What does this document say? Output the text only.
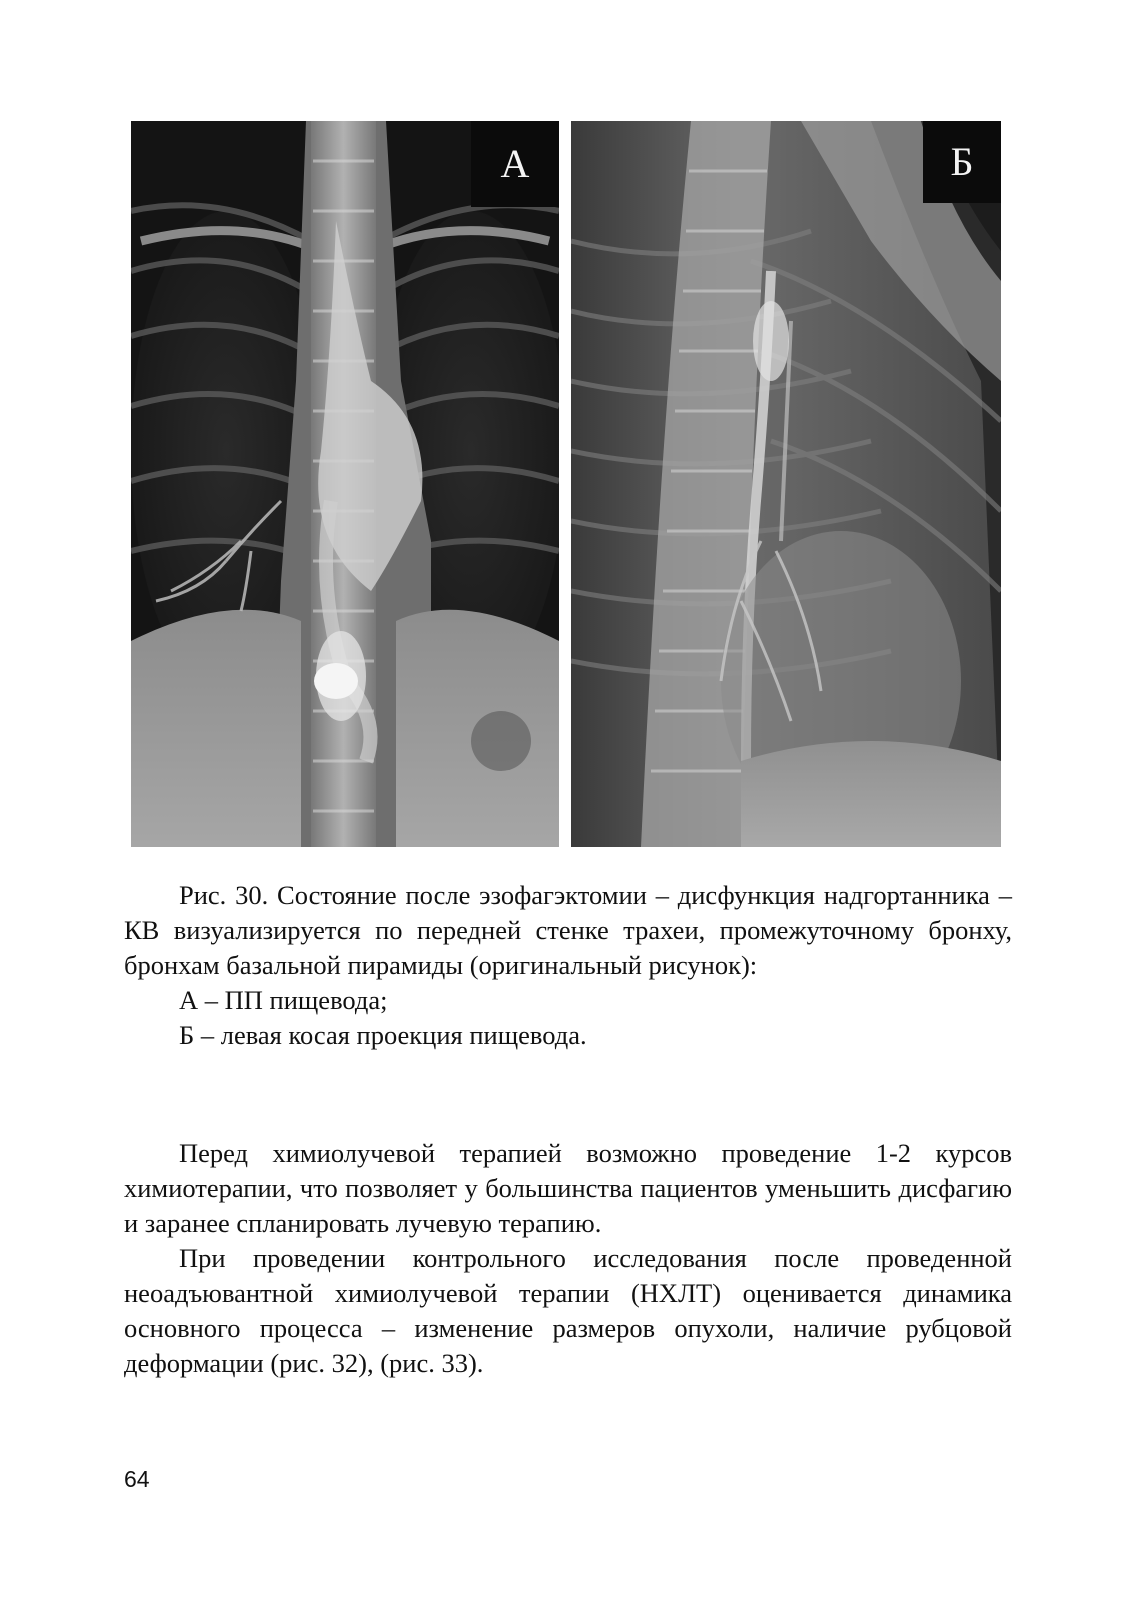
А	Б

Рис. 30. Состояние после эзофагэктомии – дисфункция надгортанника – КВ визуализируется по передней стенке трахеи, промежуточному бронху, бронхам базальной пирамиды (оригинальный рисунок):

А – ПП пищевода;
Б – левая косая проекция пищевода.

Перед химиолучевой терапией возможно проведение 1-2 курсов химиотерапии, что позволяет у большинства пациентов уменьшить дисфагию и заранее спланировать лучевую терапию.

При проведении контрольного исследования после проведенной неоадъювантной химиолучевой терапии (НХЛТ) оценивается динамика основного процесса – изменение размеров опухоли, наличие рубцовой деформации (рис. 32), (рис. 33).

64
